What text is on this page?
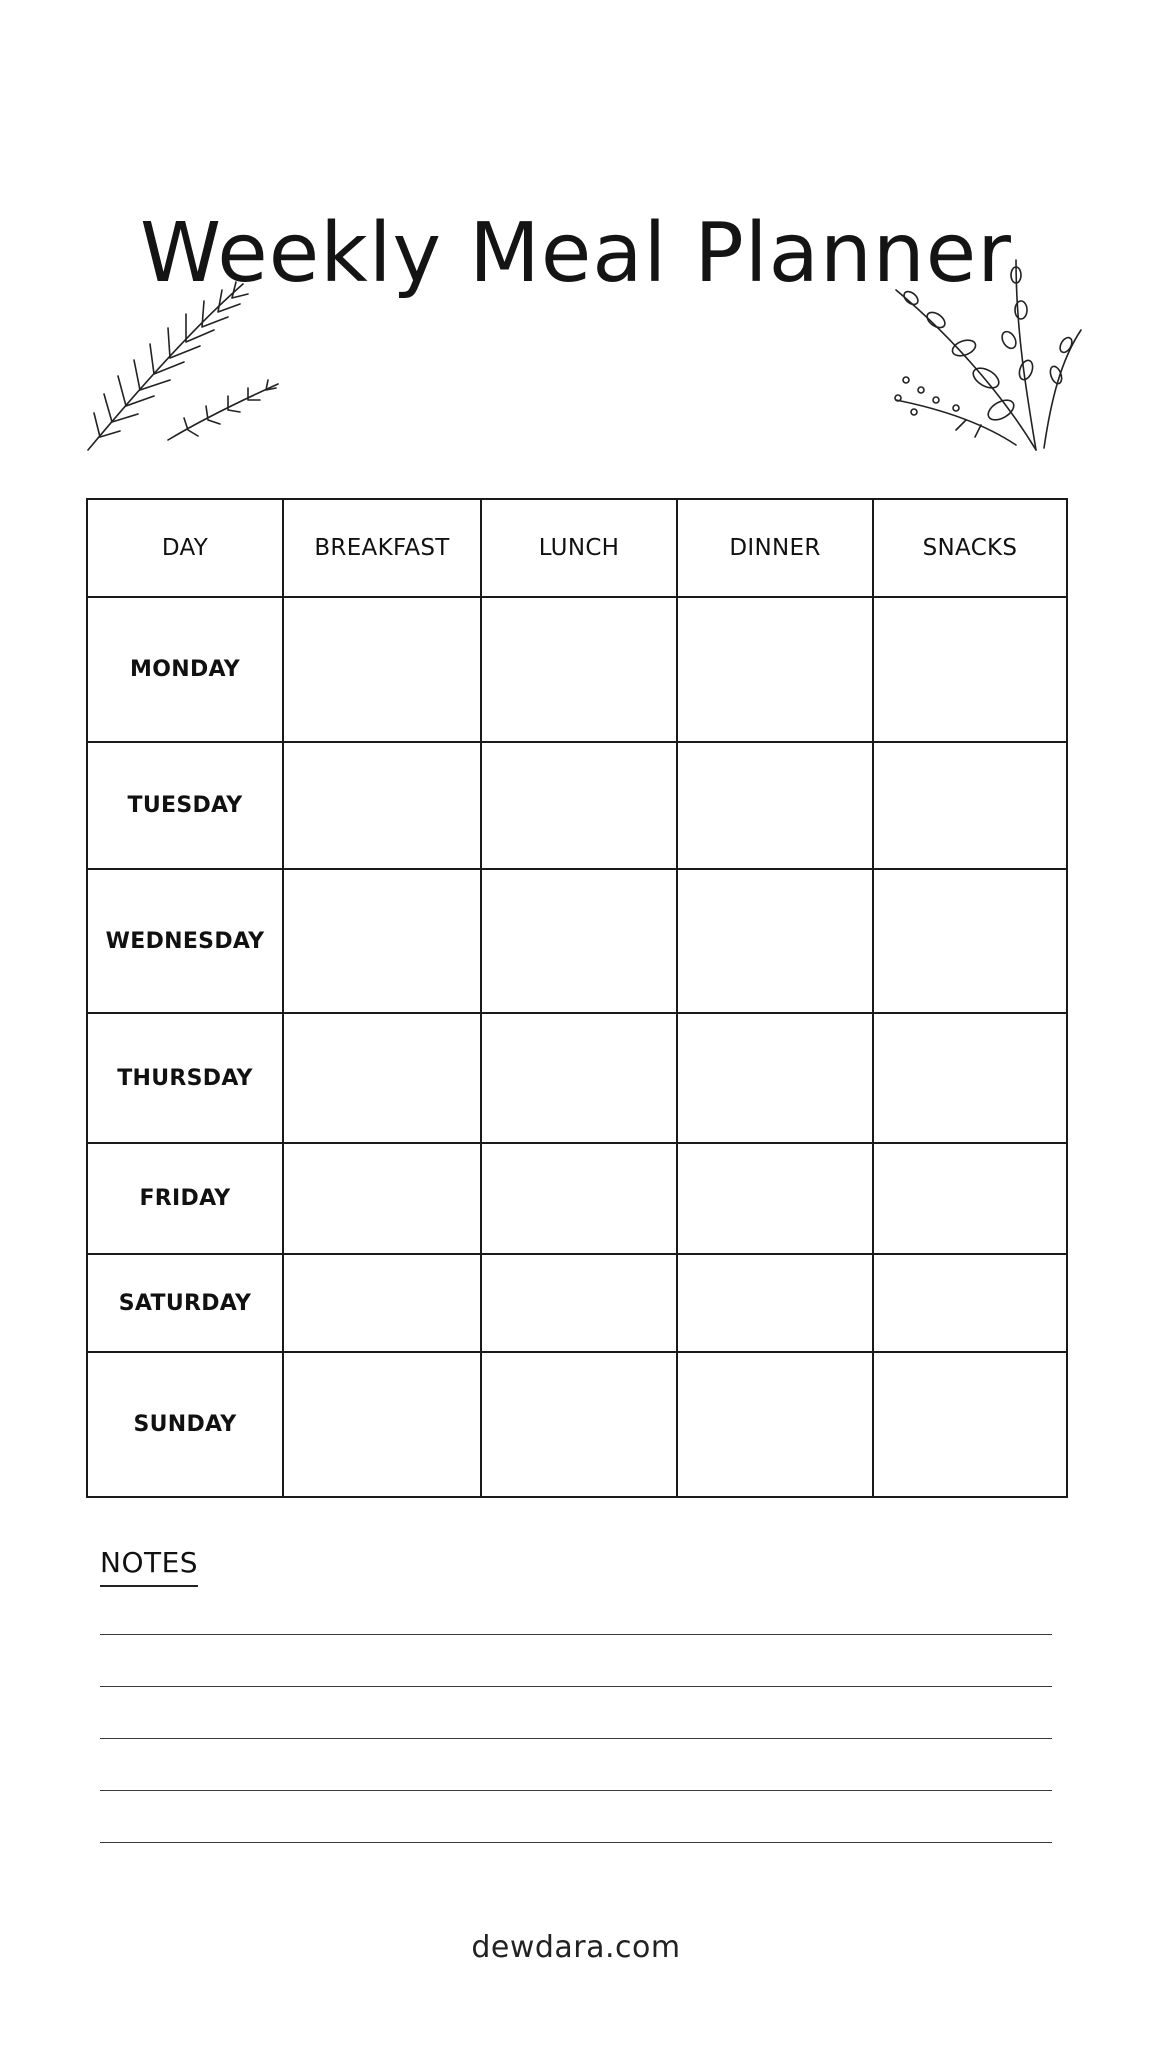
Weekly Meal Planner
DAY	BREAKFAST	LUNCH	DINNER	SNACKS
MONDAY				
TUESDAY				
WEDNESDAY				
THURSDAY				
FRIDAY				
SATURDAY				
SUNDAY				
NOTES
dewdara.com
